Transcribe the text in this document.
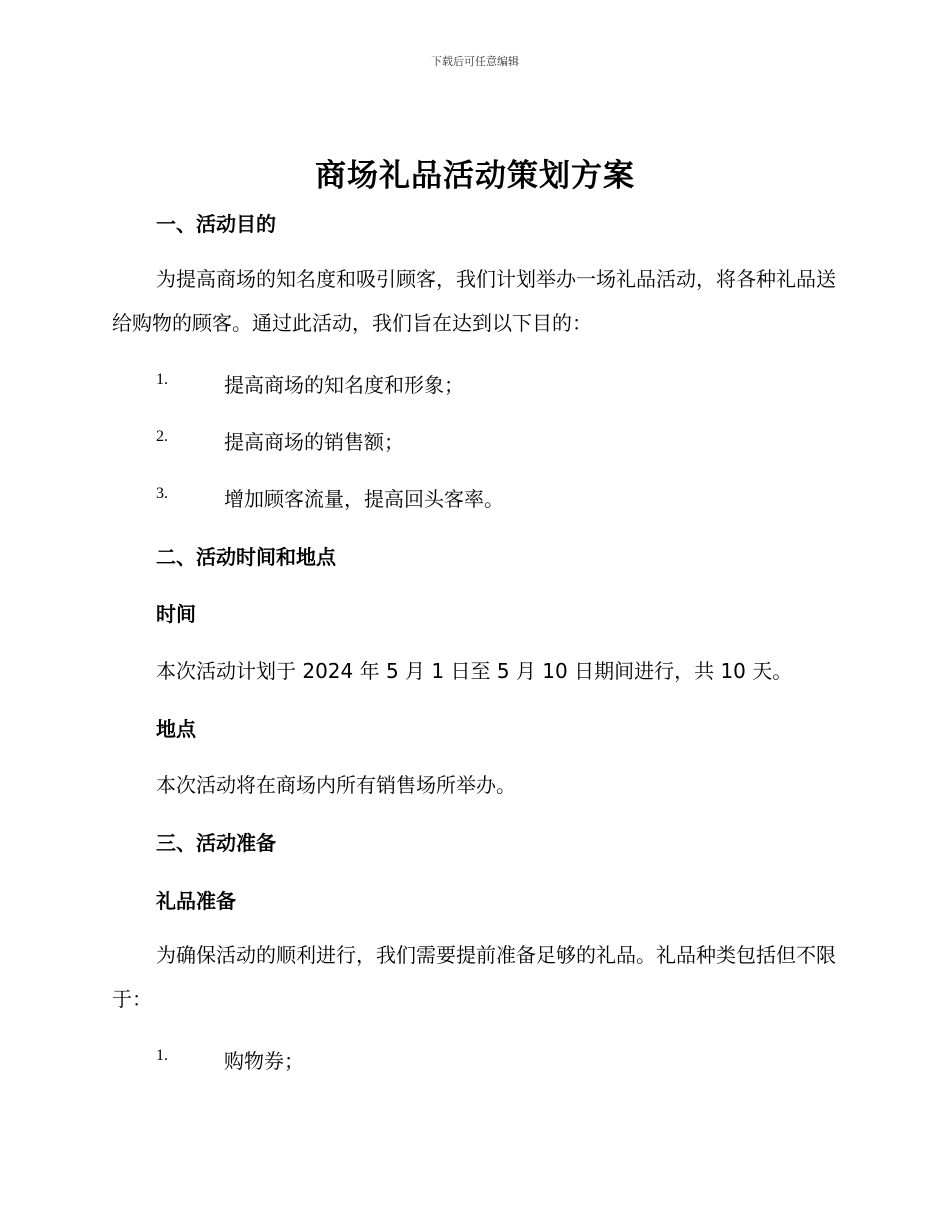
下载后可任意编辑
商场礼品活动策划方案
一、活动目的
为提高商场的知名度和吸引顾客，我们计划举办一场礼品活动，将各种礼品送给购物的顾客。通过此活动，我们旨在达到以下目的：
1.	提高商场的知名度和形象；
2.	提高商场的销售额；
3.	增加顾客流量，提高回头客率。
二、活动时间和地点
时间
本次活动计划于 2024 年 5 月 1 日至 5 月 10 日期间进行，共 10 天。
地点
本次活动将在商场内所有销售场所举办。
三、活动准备
礼品准备
为确保活动的顺利进行，我们需要提前准备足够的礼品。礼品种类包括但不限于：
1.	购物券；
